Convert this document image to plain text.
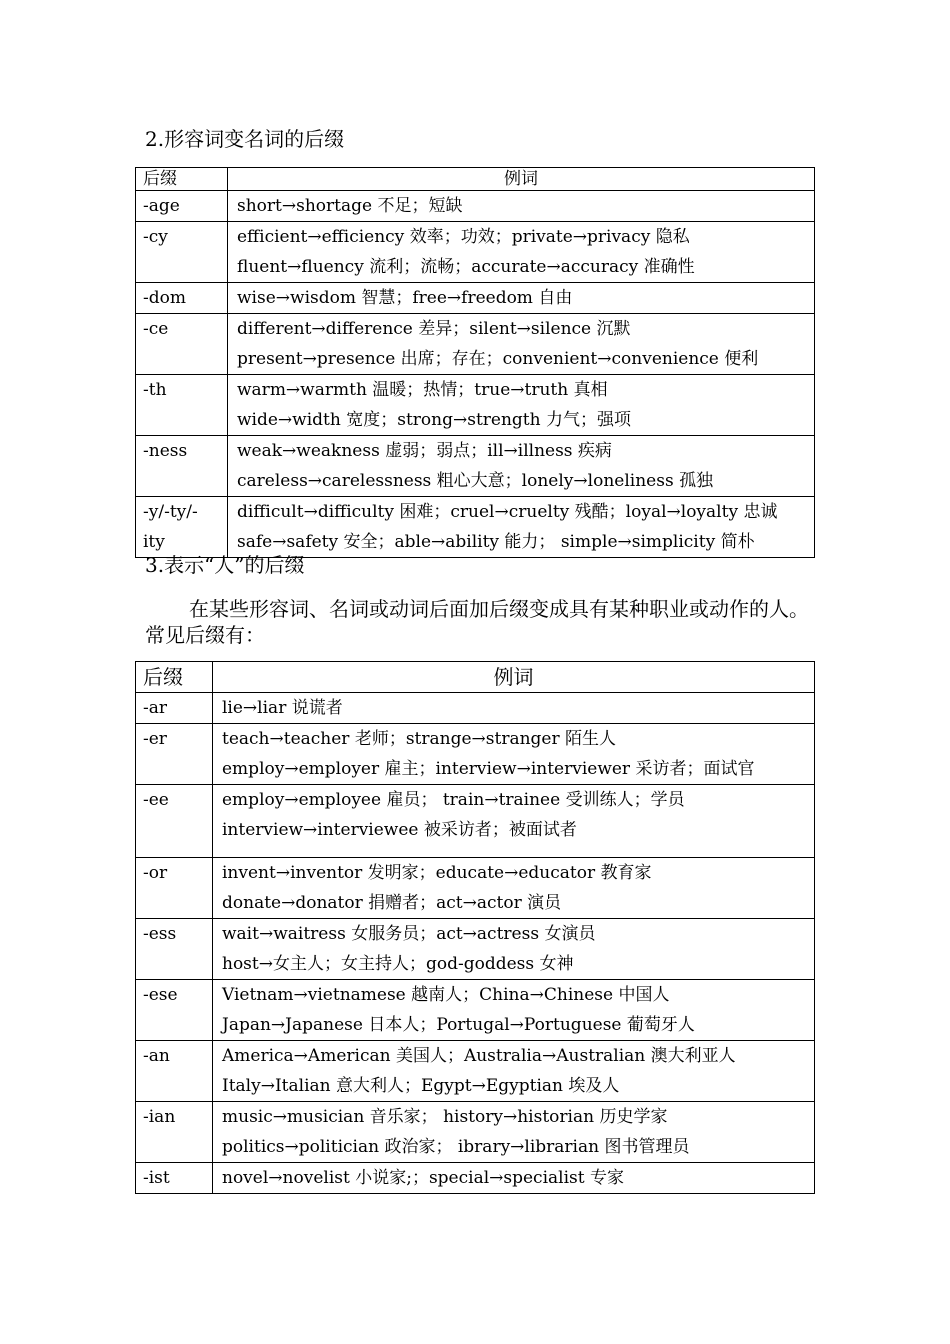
2.形容词变名词的后缀
后缀	例词
-age	short→shortage 不足；短缺

-cy	efficient→efficiency 效率；功效；private→privacy 隐私
fluent→fluency 流利；流畅；accurate→accuracy 准确性

-dom	wise→wisdom 智慧；free→freedom 自由

-ce	different→difference 差异；silent→silence 沉默
present→presence 出席；存在；convenient→convenience 便利

-th	warm→warmth 温暖；热情；true→truth 真相
wide→width 宽度；strong→strength 力气；强项

-ness	weak→weakness 虚弱；弱点；ill→illness 疾病
careless→carelessness 粗心大意；lonely→loneliness 孤独

-y/-ty/-ity	difficult→difficulty 困难；cruel→cruelty 残酷；loyal→loyalty 忠诚
safe→safety 安全；able→ability 能力； simple→simplicity 简朴
3.表示“人”的后缀

在某些形容词、名词或动词后面加后缀变成具有某种职业或动作的人。常见后缀有：

后缀	例词
-ar	lie→liar 说谎者

-er	teach→teacher 老师；strange→stranger 陌生人
employ→employer 雇主；interview→interviewer 采访者；面试官

-ee	employ→employee 雇员； train→trainee 受训练人；学员
interview→interviewee 被采访者；被面试者

-or	invent→inventor 发明家；educate→educator 教育家
donate→donator 捐赠者；act→actor 演员

-ess	wait→waitress 女服务员；act→actress 女演员
host→女主人；女主持人；god-goddess 女神

-ese	Vietnam→vietnamese 越南人；China→Chinese 中国人
Japan→Japanese 日本人；Portugal→Portuguese 葡萄牙人

-an	America→American 美国人；Australia→Australian 澳大利亚人
Italy→Italian 意大利人；Egypt→Egyptian 埃及人

-ian	music→musician 音乐家； history→historian 历史学家
politics→politician 政治家； ibrary→librarian 图书管理员

-ist	novel→novelist 小说家;；special→specialist 专家
